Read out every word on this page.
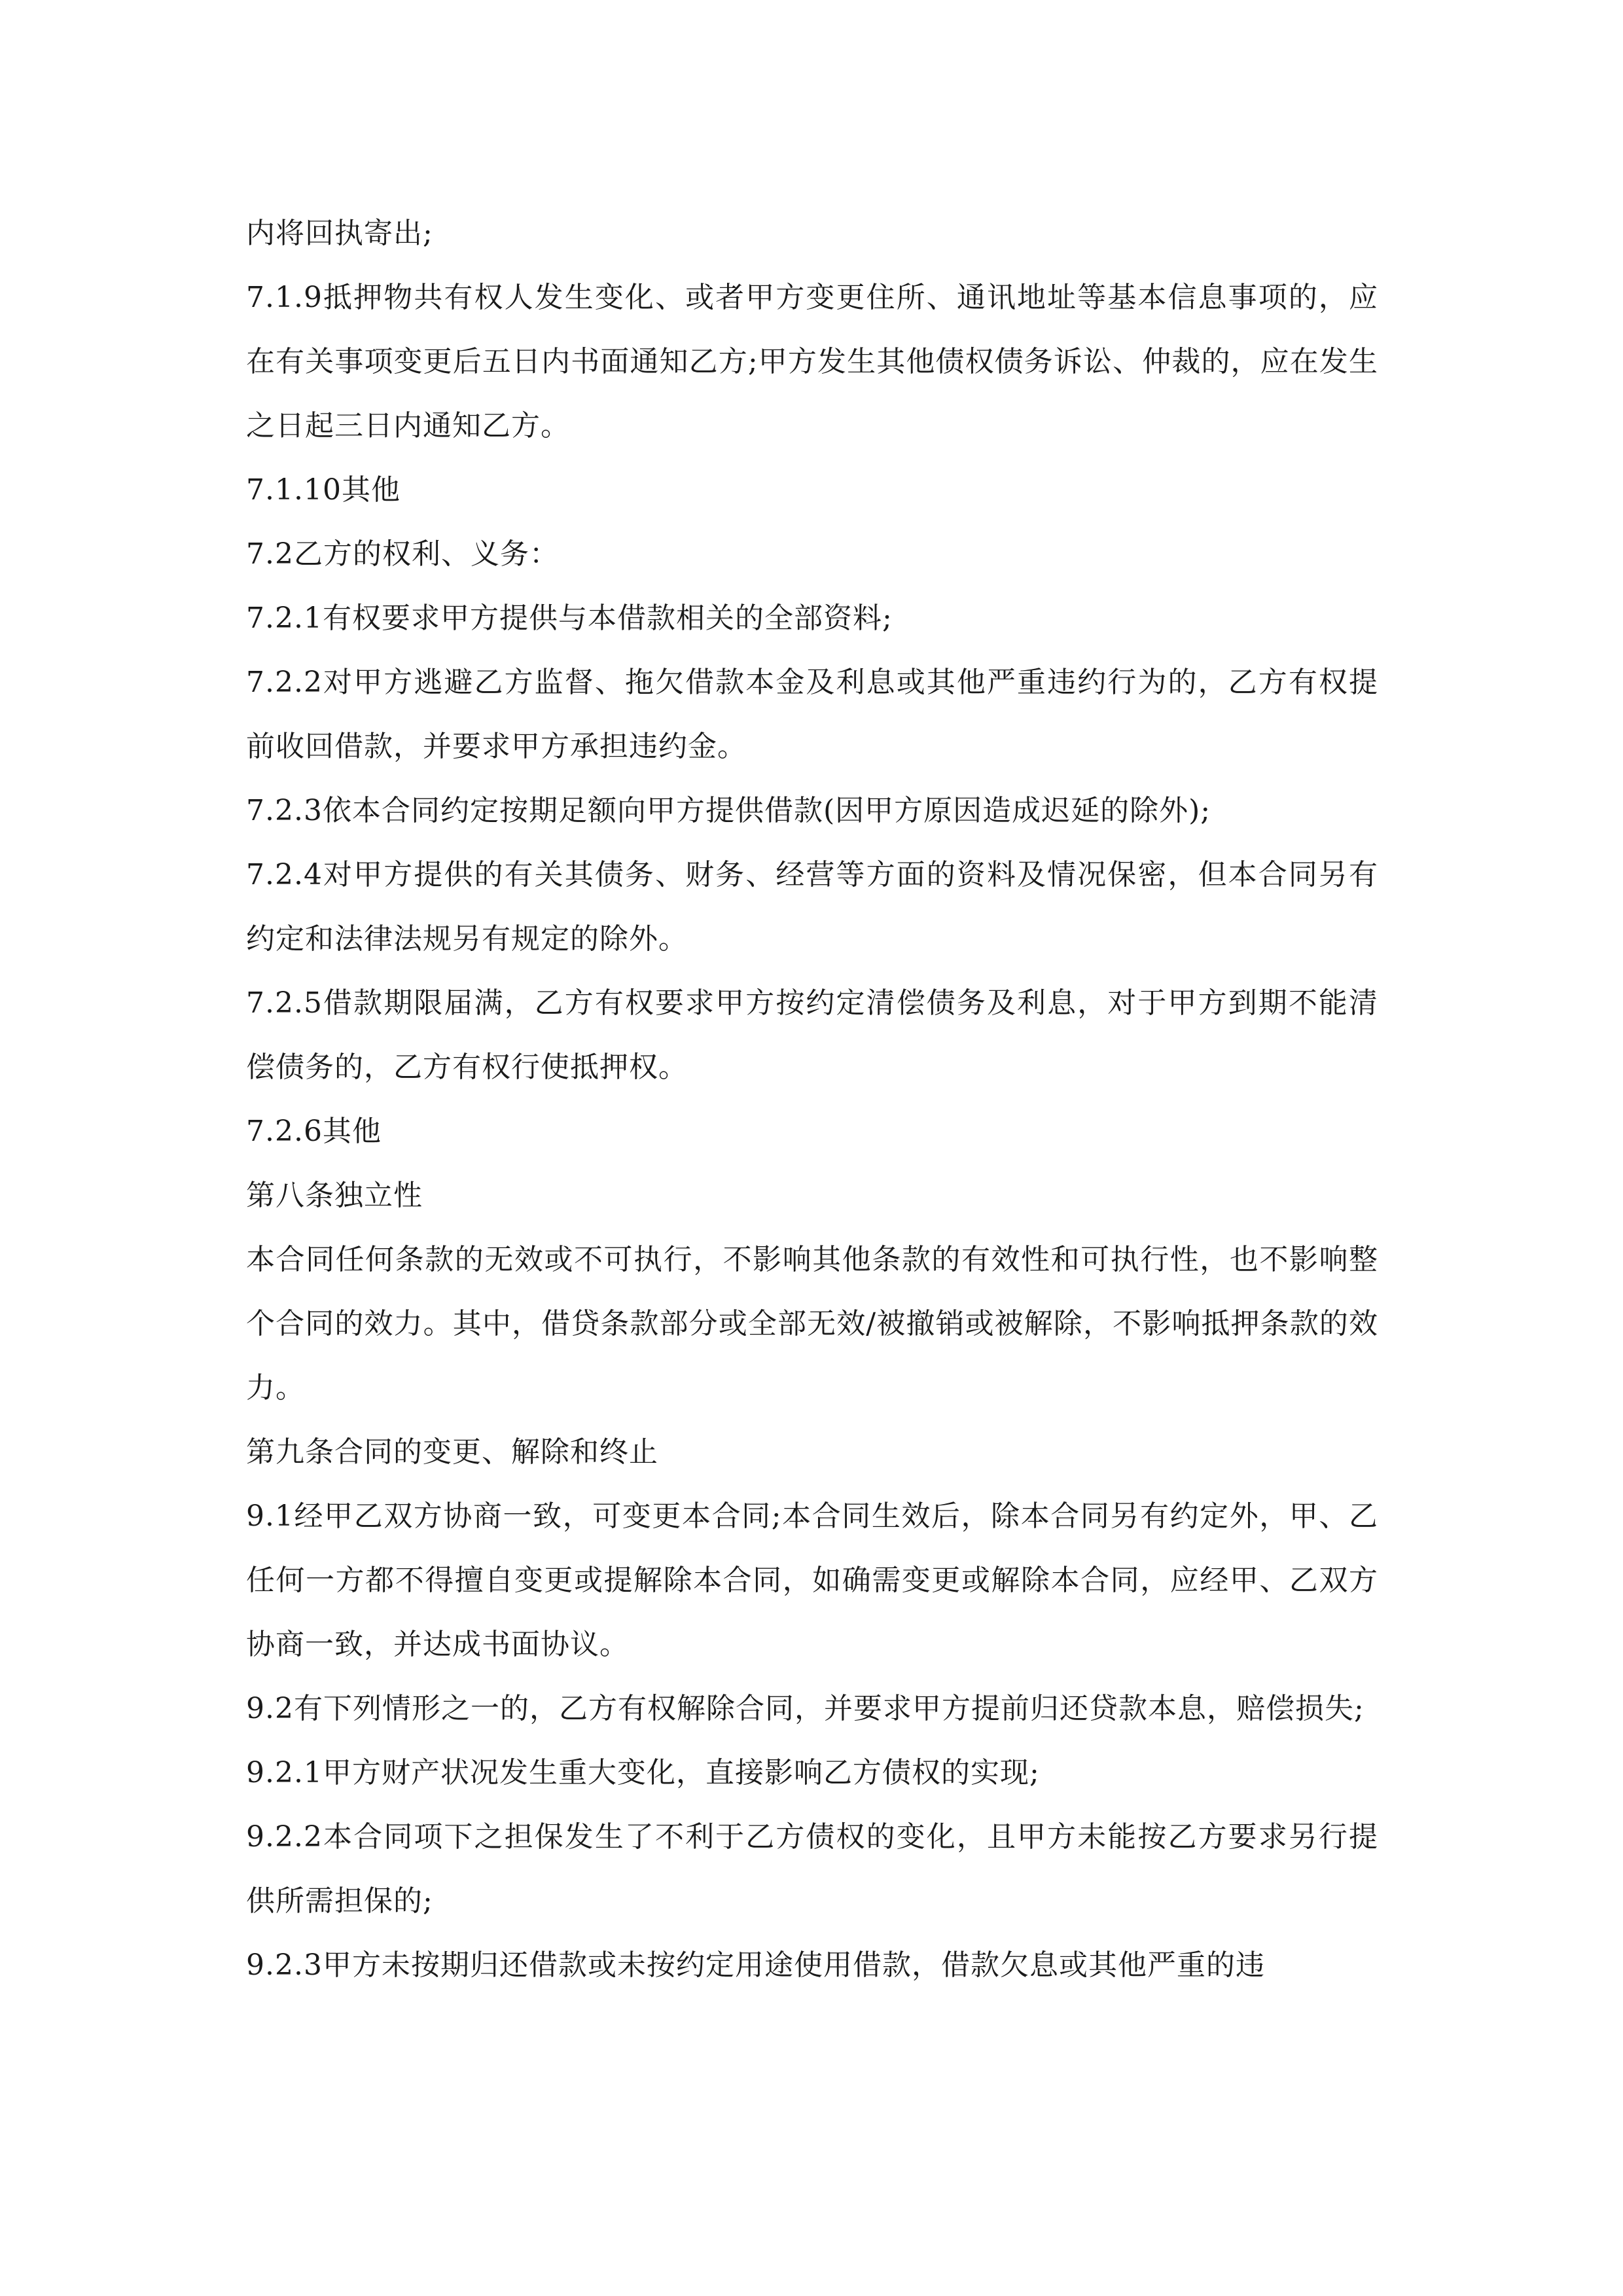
内将回执寄出;

7.1.9抵押物共有权人发生变化、或者甲方变更住所、通讯地址等基本信息事项的，应在有关事项变更后五日内书面通知乙方;甲方发生其他债权债务诉讼、仲裁的，应在发生之日起三日内通知乙方。

7.1.10其他

7.2乙方的权利、义务：

7.2.1有权要求甲方提供与本借款相关的全部资料;

7.2.2对甲方逃避乙方监督、拖欠借款本金及利息或其他严重违约行为的，乙方有权提前收回借款，并要求甲方承担违约金。

7.2.3依本合同约定按期足额向甲方提供借款(因甲方原因造成迟延的除外);

7.2.4对甲方提供的有关其债务、财务、经营等方面的资料及情况保密，但本合同另有约定和法律法规另有规定的除外。

7.2.5借款期限届满，乙方有权要求甲方按约定清偿债务及利息，对于甲方到期不能清偿债务的，乙方有权行使抵押权。

7.2.6其他

第八条独立性

本合同任何条款的无效或不可执行，不影响其他条款的有效性和可执行性，也不影响整个合同的效力。其中，借贷条款部分或全部无效/被撤销或被解除，不影响抵押条款的效力。

第九条合同的变更、解除和终止

9.1经甲乙双方协商一致，可变更本合同;本合同生效后，除本合同另有约定外，甲、乙任何一方都不得擅自变更或提解除本合同，如确需变更或解除本合同，应经甲、乙双方协商一致，并达成书面协议。

9.2有下列情形之一的，乙方有权解除合同，并要求甲方提前归还贷款本息，赔偿损失;

9.2.1甲方财产状况发生重大变化，直接影响乙方债权的实现;

9.2.2本合同项下之担保发生了不利于乙方债权的变化，且甲方未能按乙方要求另行提供所需担保的;

9.2.3甲方未按期归还借款或未按约定用途使用借款，借款欠息或其他严重的违
